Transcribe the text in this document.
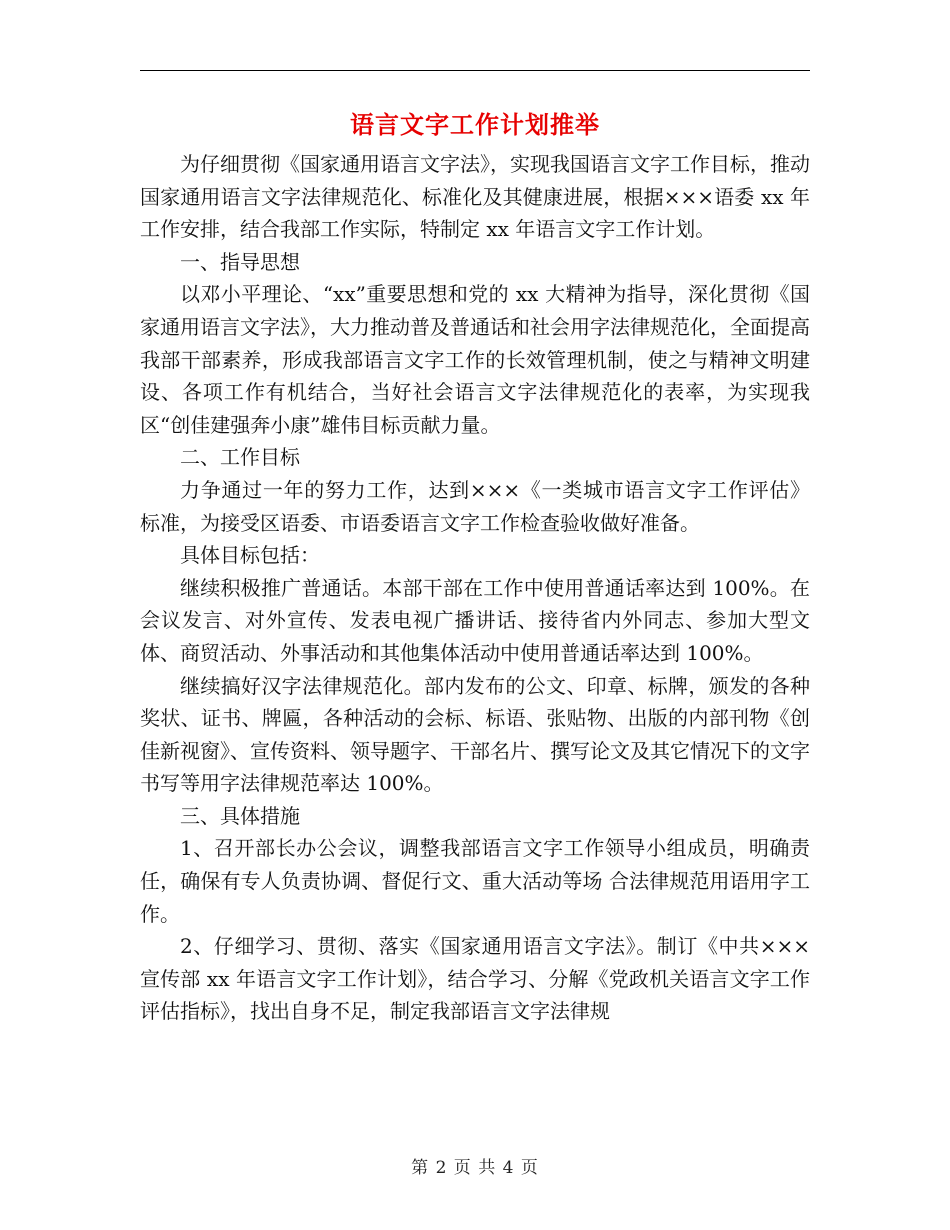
语言文字工作计划推举

为仔细贯彻《国家通用语言文字法》，实现我国语言文字工作目标，推动国家通用语言文字法律规范化、标准化及其健康进展，根据×××语委 xx 年工作安排，结合我部工作实际，特制定 xx 年语言文字工作计划。

一、指导思想

以邓小平理论、“xx”重要思想和党的 xx 大精神为指导，深化贯彻《国家通用语言文字法》，大力推动普及普通话和社会用字法律规范化，全面提高我部干部素养，形成我部语言文字工作的长效管理机制，使之与精神文明建设、各项工作有机结合，当好社会语言文字法律规范化的表率，为实现我区“创佳建强奔小康”雄伟目标贡献力量。

二、工作目标

力争通过一年的努力工作，达到×××《一类城市语言文字工作评估》标准，为接受区语委、市语委语言文字工作检查验收做好准备。

具体目标包括：

继续积极推广普通话。本部干部在工作中使用普通话率达到 100%。在会议发言、对外宣传、发表电视广播讲话、接待省内外同志、参加大型文体、商贸活动、外事活动和其他集体活动中使用普通话率达到 100%。

继续搞好汉字法律规范化。部内发布的公文、印章、标牌，颁发的各种奖状、证书、牌匾，各种活动的会标、标语、张贴物、出版的内部刊物《创佳新视窗》、宣传资料、领导题字、干部名片、撰写论文及其它情况下的文字书写等用字法律规范率达 100%。

三、具体措施

1、召开部长办公会议，调整我部语言文字工作领导小组成员，明确责任，确保有专人负责协调、督促行文、重大活动等场 合法律规范用语用字工作。

2、仔细学习、贯彻、落实《国家通用语言文字法》。制订《中共×××宣传部 xx 年语言文字工作计划》，结合学习、分解《党政机关语言文字工作评估指标》，找出自身不足，制定我部语言文字法律规

第 2 页 共 4 页
